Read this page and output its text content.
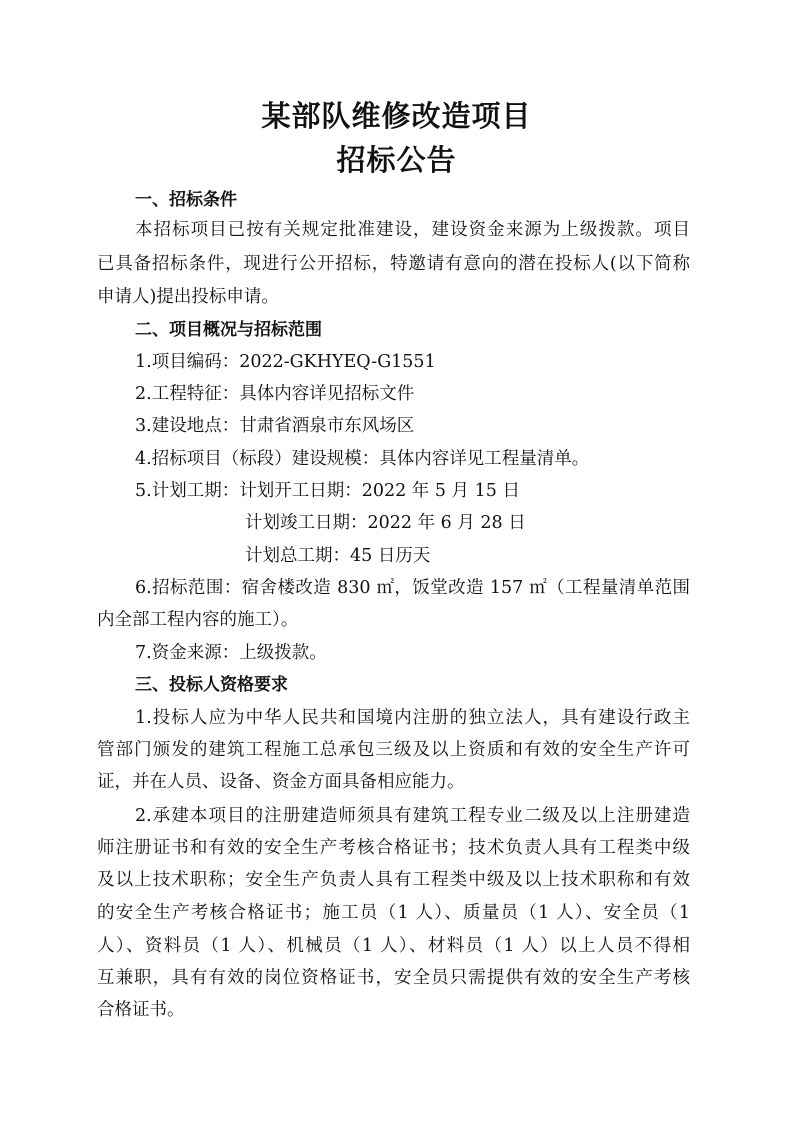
某部队维修改造项目
招标公告
一、招标条件
本招标项目已按有关规定批准建设，建设资金来源为上级拨款。项目
已具备招标条件，现进行公开招标，特邀请有意向的潜在投标人(以下简称
申请人)提出投标申请。
二、项目概况与招标范围
1.项目编码：2022-GKHYEQ-G1551
2.工程特征：具体内容详见招标文件
3.建设地点：甘肃省酒泉市东风场区
4.招标项目（标段）建设规模：具体内容详见工程量清单。
5.计划工期：计划开工日期：2022 年 5 月 15 日
计划竣工日期：2022 年 6 月 28 日
计划总工期：45 日历天
6.招标范围：宿舍楼改造 830 ㎡，饭堂改造 157 ㎡（工程量清单范围
内全部工程内容的施工）。
7.资金来源：上级拨款。
三、投标人资格要求
1.投标人应为中华人民共和国境内注册的独立法人，具有建设行政主
管部门颁发的建筑工程施工总承包三级及以上资质和有效的安全生产许可
证，并在人员、设备、资金方面具备相应能力。
2.承建本项目的注册建造师须具有建筑工程专业二级及以上注册建造
师注册证书和有效的安全生产考核合格证书；技术负责人具有工程类中级
及以上技术职称；安全生产负责人具有工程类中级及以上技术职称和有效
的安全生产考核合格证书；施工员（1 人）、质量员（1 人）、安全员（1
人）、资料员（1 人）、机械员（1 人）、材料员（1 人）以上人员不得相
互兼职，具有有效的岗位资格证书，安全员只需提供有效的安全生产考核
合格证书。
